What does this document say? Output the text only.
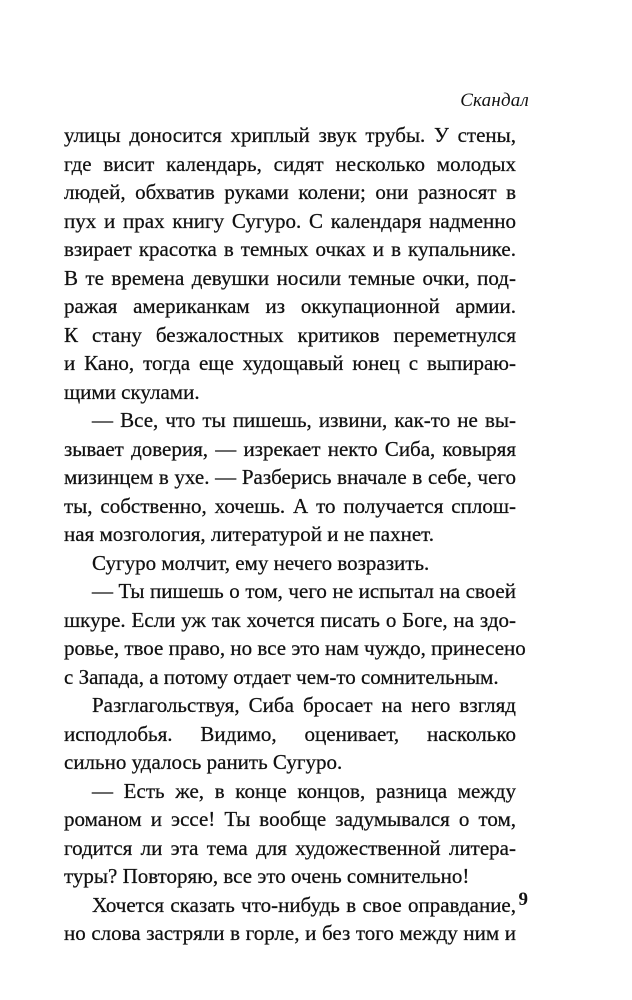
Скандал
улицы доносится хриплый звук трубы. У стены,
где висит календарь, сидят несколько молодых
людей, обхватив руками колени; они разносят в
пух и прах книгу Сугуро. С календаря надменно
взирает красотка в темных очках и в купальнике.
В те времена девушки носили темные очки, под-
ражая американкам из оккупационной армии.
К стану безжалостных критиков переметнулся
и Кано, тогда еще худощавый юнец с выпираю-
щими скулами.
— Все, что ты пишешь, извини, как-то не вы-
зывает доверия, — изрекает некто Сиба, ковыряя
мизинцем в ухе. — Разберись вначале в себе, чего
ты, собственно, хочешь. А то получается сплош-
ная мозгология, литературой и не пахнет.
Сугуро молчит, ему нечего возразить.
— Ты пишешь о том, чего не испытал на своей
шкуре. Если уж так хочется писать о Боге, на здо-
ровье, твое право, но все это нам чуждо, принесено
с Запада, а потому отдает чем-то сомнительным.
Разглагольствуя, Сиба бросает на него взгляд
исподлобья. Видимо, оценивает, насколько
сильно удалось ранить Сугуро.
— Есть же, в конце концов, разница между
романом и эссе! Ты вообще задумывался о том,
годится ли эта тема для художественной литера-
туры? Повторяю, все это очень сомнительно!
Хочется сказать что-нибудь в свое оправдание,
но слова застряли в горле, и без того между ним и
9
